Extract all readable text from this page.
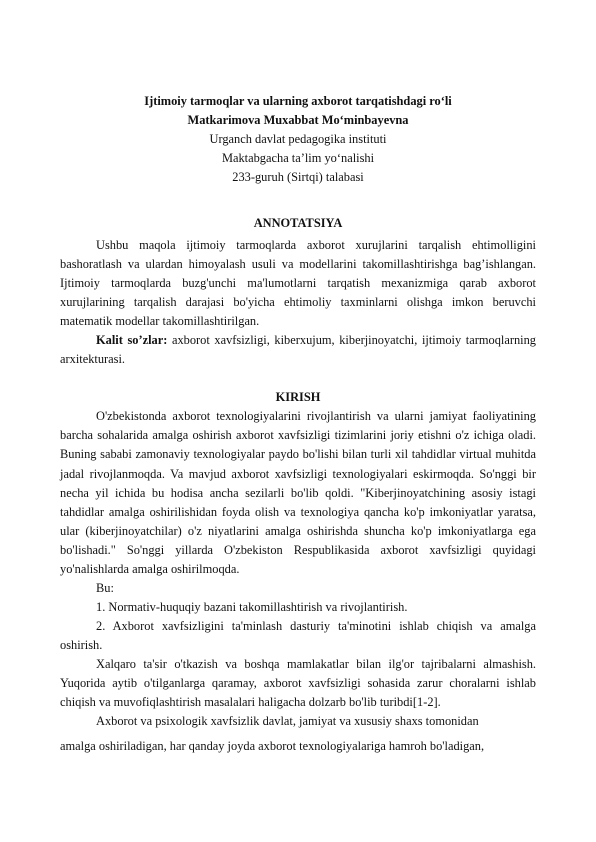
Ijtimoiy tarmoqlar va ularning axborot tarqatishdagi ro‘li
Matkarimova Muxabbat Mo‘minbayevna
Urganch davlat pedagogika instituti
Maktabgacha ta’lim yo‘nalishi
233-guruh (Sirtqi) talabasi
ANNOTATSIYA

Ushbu maqola ijtimoiy tarmoqlarda axborot xurujlarini tarqalish ehtimolligini bashoratlash va ulardan himoyalash usuli va modellarini takomillashtirishga bag’ishlangan. Ijtimoiy tarmoqlarda buzg'unchi ma'lumotlarni tarqatish mexanizmiga qarab axborot xurujlarining tarqalish darajasi bo'yicha ehtimoliy taxminlarni olishga imkon beruvchi matematik modellar takomillashtirilgan.

Kalit so’zlar: axborot xavfsizligi, kiberxujum, kiberjinoyatchi, ijtimoiy tarmoqlarning arxitekturasi.

KIRISH

O'zbekistonda axborot texnologiyalarini rivojlantirish va ularni jamiyat faoliyatining barcha sohalarida amalga oshirish axborot xavfsizligi tizimlarini joriy etishni o'z ichiga oladi. Buning sababi zamonaviy texnologiyalar paydo bo'lishi bilan turli xil tahdidlar virtual muhitda jadal rivojlanmoqda. Va mavjud axborot xavfsizligi texnologiyalari eskirmoqda. So'nggi bir necha yil ichida bu hodisa ancha sezilarli bo'lib qoldi. "Kiberjinoyatchining asosiy istagi tahdidlar amalga oshirilishidan foyda olish va texnologiya qancha ko'p imkoniyatlar yaratsa, ular (kiberjinoyatchilar) o'z niyatlarini amalga oshirishda shuncha ko'p imkoniyatlarga ega bo'lishadi." So'nggi yillarda O'zbekiston Respublikasida axborot xavfsizligi quyidagi yo'nalishlarda amalga oshirilmoqda.

Bu:

1. Normativ-huquqiy bazani takomillashtirish va rivojlantirish.

2. Axborot xavfsizligini ta'minlash dasturiy ta'minotini ishlab chiqish va amalga oshirish.

Xalqaro ta'sir o'tkazish va boshqa mamlakatlar bilan ilg'or tajribalarni almashish. Yuqorida aytib o'tilganlarga qaramay, axborot xavfsizligi sohasida zarur choralarni ishlab chiqish va muvofiqlashtirish masalalari haligacha dolzarb bo'lib turibdi[1-2].

Axborot va psixologik xavfsizlik davlat, jamiyat va xususiy shaxs tomonidan

amalga oshiriladigan, har qanday joyda axborot texnologiyalariga hamroh bo'ladigan,
